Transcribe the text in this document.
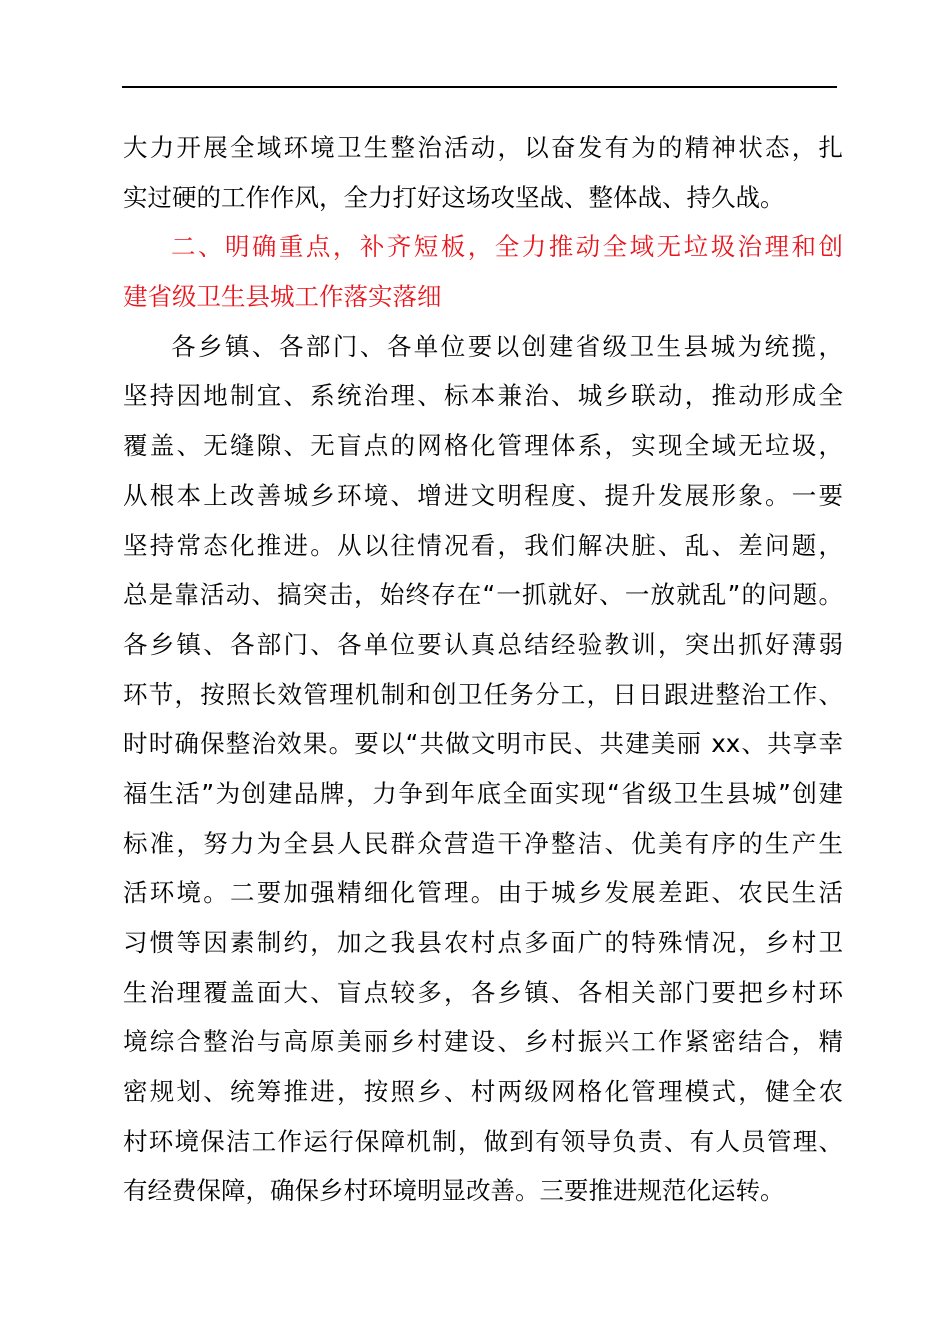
大力开展全域环境卫生整治活动，以奋发有为的精神状态，扎
实过硬的工作作风，全力打好这场攻坚战、整体战、持久战。
二、明确重点，补齐短板，全力推动全域无垃圾治理和创
建省级卫生县城工作落实落细
各乡镇、各部门、各单位要以创建省级卫生县城为统揽，
坚持因地制宜、系统治理、标本兼治、城乡联动，推动形成全
覆盖、无缝隙、无盲点的网格化管理体系，实现全域无垃圾，
从根本上改善城乡环境、增进文明程度、提升发展形象。一要
坚持常态化推进。从以往情况看，我们解决脏、乱、差问题，
总是靠活动、搞突击，始终存在“一抓就好、一放就乱”的问题。
各乡镇、各部门、各单位要认真总结经验教训，突出抓好薄弱
环节，按照长效管理机制和创卫任务分工，日日跟进整治工作、
时时确保整治效果。要以“共做文明市民、共建美丽 xx、共享幸
福生活”为创建品牌，力争到年底全面实现“省级卫生县城”创建
标准，努力为全县人民群众营造干净整洁、优美有序的生产生
活环境。二要加强精细化管理。由于城乡发展差距、农民生活
习惯等因素制约，加之我县农村点多面广的特殊情况，乡村卫
生治理覆盖面大、盲点较多，各乡镇、各相关部门要把乡村环
境综合整治与高原美丽乡村建设、乡村振兴工作紧密结合，精
密规划、统筹推进，按照乡、村两级网格化管理模式，健全农
村环境保洁工作运行保障机制，做到有领导负责、有人员管理、
有经费保障，确保乡村环境明显改善。三要推进规范化运转。
